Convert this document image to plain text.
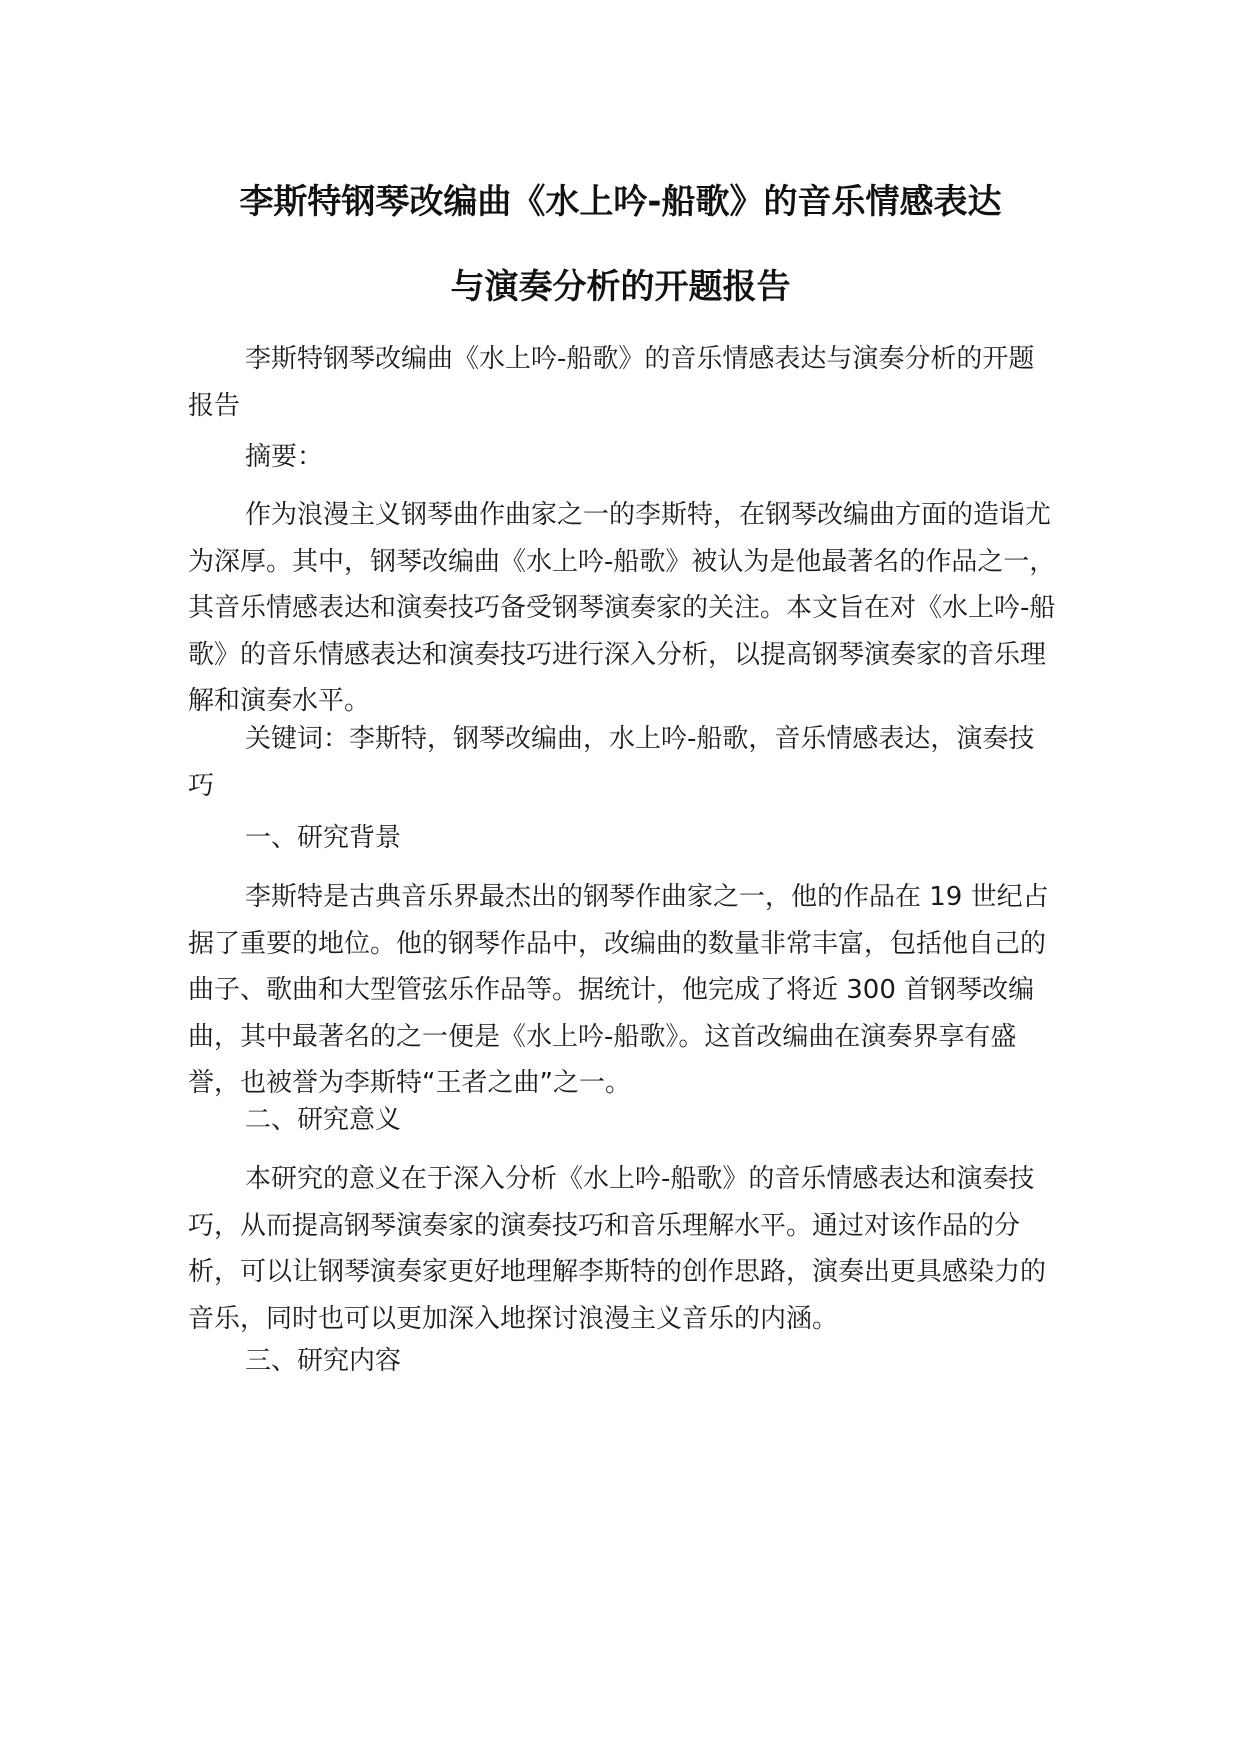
李斯特钢琴改编曲《水上吟-船歌》的音乐情感表达
与演奏分析的开题报告

李斯特钢琴改编曲《水上吟-船歌》的音乐情感表达与演奏分析的开题报告

摘要：

作为浪漫主义钢琴曲作曲家之一的李斯特，在钢琴改编曲方面的造诣尤为深厚。其中，钢琴改编曲《水上吟-船歌》被认为是他最著名的作品之一，其音乐情感表达和演奏技巧备受钢琴演奏家的关注。本文旨在对《水上吟-船歌》的音乐情感表达和演奏技巧进行深入分析，以提高钢琴演奏家的音乐理解和演奏水平。

关键词：李斯特，钢琴改编曲，水上吟-船歌，音乐情感表达，演奏技巧

一、研究背景

李斯特是古典音乐界最杰出的钢琴作曲家之一，他的作品在 19 世纪占据了重要的地位。他的钢琴作品中，改编曲的数量非常丰富，包括他自己的曲子、歌曲和大型管弦乐作品等。据统计，他完成了将近 300 首钢琴改编曲，其中最著名的之一便是《水上吟-船歌》。这首改编曲在演奏界享有盛誉，也被誉为李斯特“王者之曲”之一。

二、研究意义

本研究的意义在于深入分析《水上吟-船歌》的音乐情感表达和演奏技巧，从而提高钢琴演奏家的演奏技巧和音乐理解水平。通过对该作品的分析，可以让钢琴演奏家更好地理解李斯特的创作思路，演奏出更具感染力的音乐，同时也可以更加深入地探讨浪漫主义音乐的内涵。

三、研究内容
